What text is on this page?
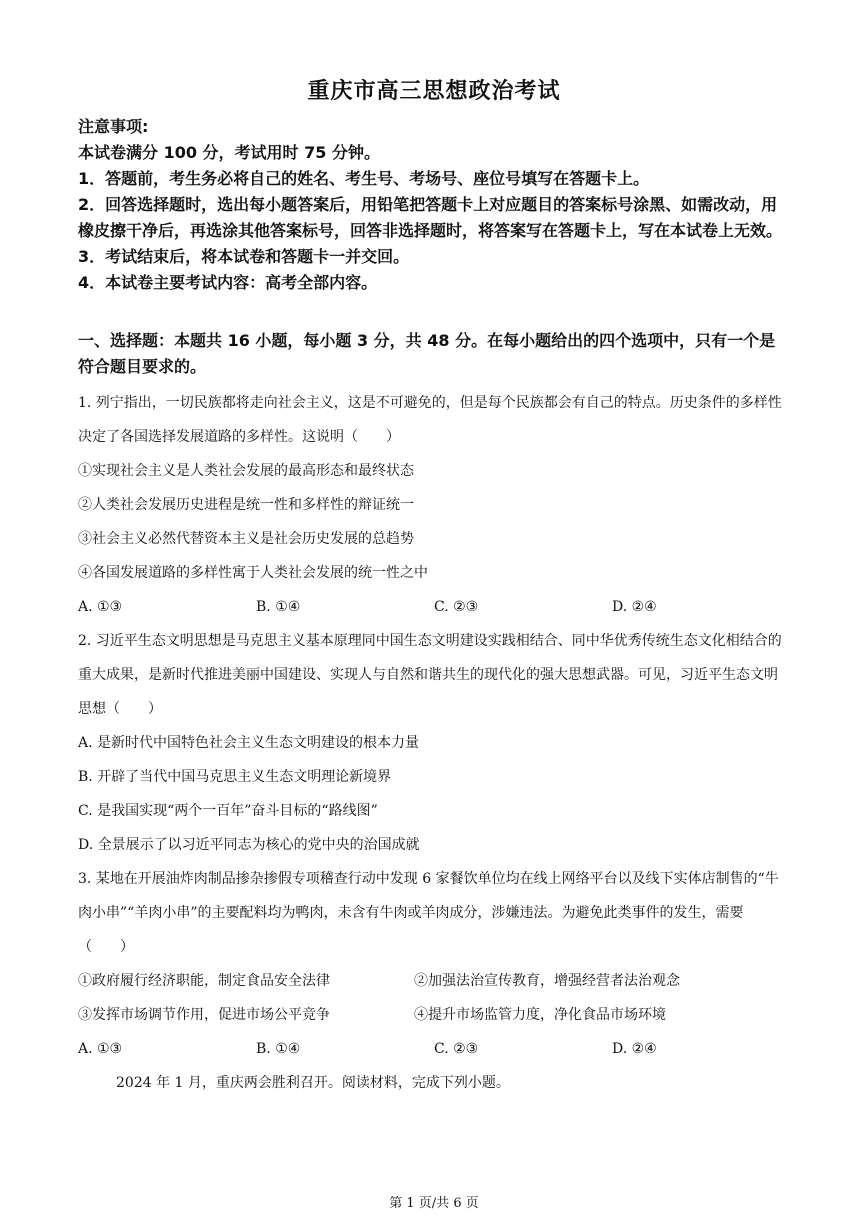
重庆市高三思想政治考试

注意事项:

本试卷满分 100 分，考试用时 75 分钟。

1．答题前，考生务必将自己的姓名、考生号、考场号、座位号填写在答题卡上。

2．回答选择题时，选出每小题答案后，用铅笔把答题卡上对应题目的答案标号涂黑、如需改动，用橡皮擦干净后，再选涂其他答案标号，回答非选择题时，将答案写在答题卡上，写在本试卷上无效。

3．考试结束后，将本试卷和答题卡一并交回。

4．本试卷主要考试内容：高考全部内容。

一、选择题：本题共 16 小题，每小题 3 分，共 48 分。在每小题给出的四个选项中，只有一个是符合题目要求的。

1. 列宁指出，一切民族都将走向社会主义，这是不可避免的，但是每个民族都会有自己的特点。历史条件的多样性决定了各国选择发展道路的多样性。这说明（　　）

①实现社会主义是人类社会发展的最高形态和最终状态

②人类社会发展历史进程是统一性和多样性的辩证统一

③社会主义必然代替资本主义是社会历史发展的总趋势

④各国发展道路的多样性寓于人类社会发展的统一性之中

A. ①③	B. ①④	C. ②③	D. ②④

2. 习近平生态文明思想是马克思主义基本原理同中国生态文明建设实践相结合、同中华优秀传统生态文化相结合的重大成果，是新时代推进美丽中国建设、实现人与自然和谐共生的现代化的强大思想武器。可见，习近平生态文明思想（　　）

A. 是新时代中国特色社会主义生态文明建设的根本力量

B. 开辟了当代中国马克思主义生态文明理论新境界

C. 是我国实现“两个一百年”奋斗目标的“路线图”

D. 全景展示了以习近平同志为核心的党中央的治国成就

3. 某地在开展油炸肉制品掺杂掺假专项稽查行动中发现 6 家餐饮单位均在线上网络平台以及线下实体店制售的“牛肉小串”“羊肉小串”的主要配料均为鸭肉，未含有牛肉或羊肉成分，涉嫌违法。为避免此类事件的发生，需要（　　）

①政府履行经济职能，制定食品安全法律	②加强法治宣传教育，增强经营者法治观念
③发挥市场调节作用，促进市场公平竞争	④提升市场监管力度，净化食品市场环境
A. ①③	B. ①④	C. ②③	D. ②④

2024 年 1 月，重庆两会胜利召开。阅读材料，完成下列小题。

第 1 页/共 6 页
